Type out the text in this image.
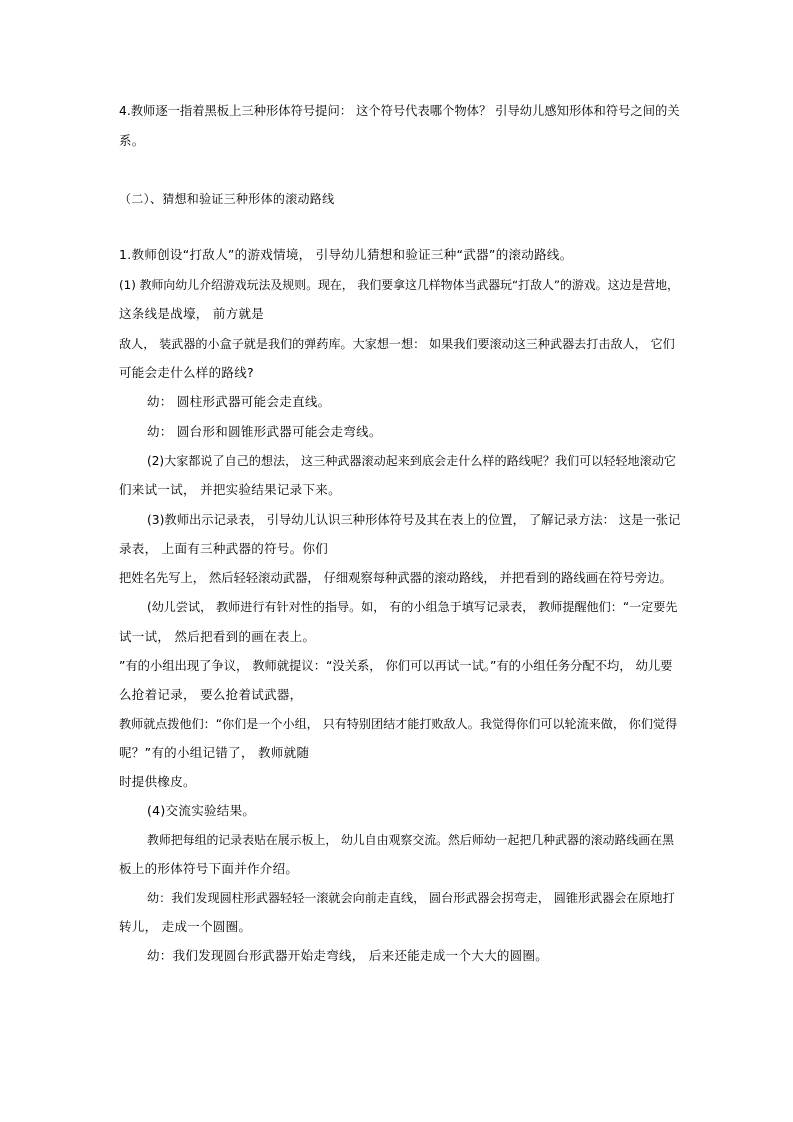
4.教师逐一指着黑板上三种形体符号提问： 这个符号代表哪个物体？ 引导幼儿感知形体和符号之间的关
系。
（二）、猜想和验证三种形体的滚动路线
1.教师创设“打敌人”的游戏情境， 引导幼儿猜想和验证三种“武器”的滚动路线。
(1) 教师向幼儿介绍游戏玩法及规则。现在， 我们要拿这几样物体当武器玩“打敌人”的游戏。这边是营地，
这条线是战壕， 前方就是
敌人， 装武器的小盒子就是我们的弹药库。大家想一想： 如果我们要滚动这三种武器去打击敌人， 它们
可能会走什么样的路线?
幼： 圆柱形武器可能会走直线。
幼： 圆台形和圆锥形武器可能会走弯线。
(2)大家都说了自己的想法， 这三种武器滚动起来到底会走什么样的路线呢？我们可以轻轻地滚动它
们来试一试， 并把实验结果记录下来。
(3)教师出示记录表， 引导幼儿认识三种形体符号及其在表上的位置， 了解记录方法： 这是一张记
录表， 上面有三种武器的符号。你们
把姓名先写上， 然后轻轻滚动武器， 仔细观察每种武器的滚动路线， 并把看到的路线画在符号旁边。
(幼儿尝试， 教师进行有针对性的指导。如， 有的小组急于填写记录表， 教师提醒他们：“一定要先
试一试， 然后把看到的画在表上。
”有的小组出现了争议， 教师就提议：“没关系， 你们可以再试一试。”有的小组任务分配不均， 幼儿要
么抢着记录， 要么抢着试武器，
教师就点拨他们：“你们是一个小组， 只有特别团结才能打败敌人。我觉得你们可以轮流来做， 你们觉得
呢？”有的小组记错了， 教师就随
时提供橡皮。
(4)交流实验结果。
教师把每组的记录表贴在展示板上， 幼儿自由观察交流。然后师幼一起把几种武器的滚动路线画在黑
板上的形体符号下面并作介绍。
幼：我们发现圆柱形武器轻轻一滚就会向前走直线， 圆台形武器会拐弯走， 圆锥形武器会在原地打
转儿， 走成一个圆圈。
幼：我们发现圆台形武器开始走弯线， 后来还能走成一个大大的圆圈。
